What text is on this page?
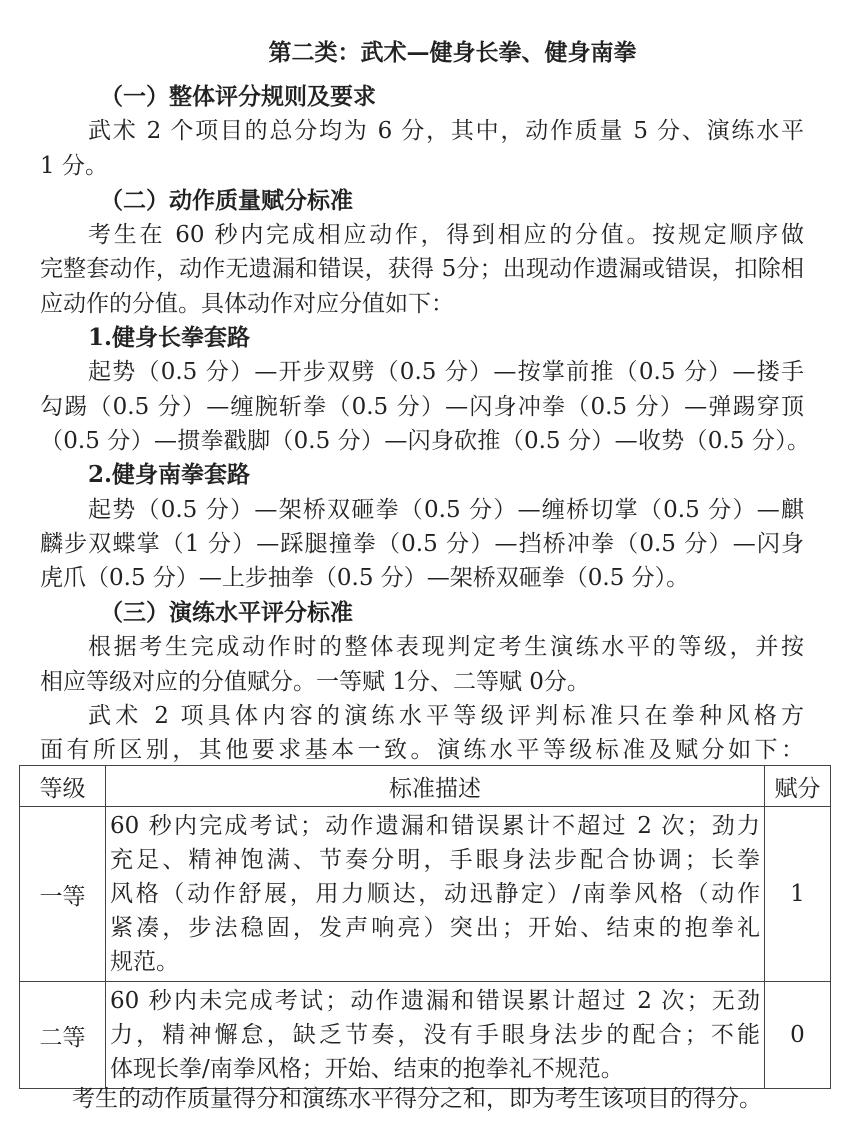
第二类：武术—健身长拳、健身南拳
（一）整体评分规则及要求
武术 2 个项目的总分均为 6 分，其中，动作质量 5 分、演练水平
1 分。
（二）动作质量赋分标准
考生在 60 秒内完成相应动作，得到相应的分值。按规定顺序做
完整套动作，动作无遗漏和错误，获得 5分；出现动作遗漏或错误，扣除相
应动作的分值。具体动作对应分值如下：
1.健身长拳套路
起势（0.5 分）—开步双劈（0.5 分）—按掌前推（0.5 分）—搂手
勾踢（0.5 分）—缠腕斩拳（0.5 分）—闪身冲拳（0.5 分）—弹踢穿顶
（0.5 分）—掼拳戳脚（0.5 分）—闪身砍推（0.5 分）—收势（0.5 分）。
2.健身南拳套路
起势（0.5 分）—架桥双砸拳（0.5 分）—缠桥切掌（0.5 分）—麒
麟步双蝶掌（1 分）—踩腿撞拳（0.5 分）—挡桥冲拳（0.5 分）—闪身
虎爪（0.5 分）—上步抽拳（0.5 分）—架桥双砸拳（0.5 分）。
（三）演练水平评分标准
根据考生完成动作时的整体表现判定考生演练水平的等级，并按
相应等级对应的分值赋分。一等赋 1分、二等赋 0分。
武术 2 项具体内容的演练水平等级评判标准只在拳种风格方
面有所区别，其他要求基本一致。演练水平等级标准及赋分如下：
等级	标准描述	赋分
一等	60 秒内完成考试；动作遗漏和错误累计不超过 2 次；劲力
充足、精神饱满、节奏分明，手眼身法步配合协调；长拳
风格（动作舒展，用力顺达，动迅静定）/南拳风格（动作
紧凑，步法稳固，发声响亮）突出；开始、结束的抱拳礼
规范。	1
二等	60 秒内未完成考试；动作遗漏和错误累计超过 2 次；无劲
力，精神懈怠，缺乏节奏，没有手眼身法步的配合；不能
体现长拳/南拳风格；开始、结束的抱拳礼不规范。	0
考生的动作质量得分和演练水平得分之和，即为考生该项目的得分。
